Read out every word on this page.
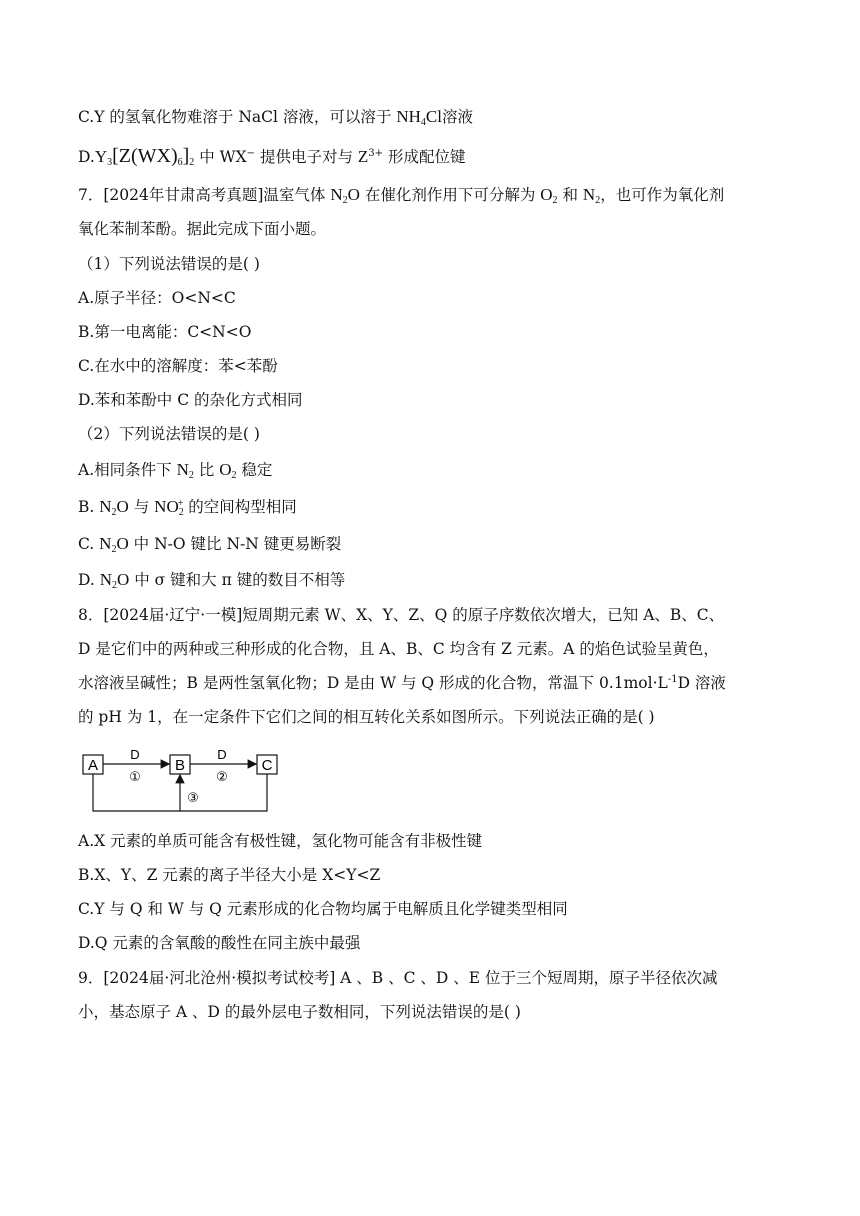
C.Y 的氢氧化物难溶于 NaCl 溶液，可以溶于 $NH_4Cl$溶液
$D.Y_3[Z(WX)_6]_2$ 中 WX− 提供电子对与 $Z^{3+}$ 形成配位键
7．[2024年甘肃高考真题]温室气体 $N_2O$ 在催化剂作用下可分解为 $O_2$ 和 $N_2$，也可作为氧化剂
氧化苯制苯酚。据此完成下面小题。
（1）下列说法错误的是( )
A.原子半径：O<N<C
B.第一电离能：C<N<O
C.在水中的溶解度：苯<苯酚
D.苯和苯酚中 C 的杂化方式相同
（2）下列说法错误的是( )
A.相同条件下 $N_2$ 比 $O_2$ 稳定
B. $N_2O$ 与 $NO_2^+$ 的空间构型相同
C. $N_2O$ 中 N-O 键比 N-N 键更易断裂
D. $N_2O$ 中 σ 键和大 π 键的数目不相等
8．[2024届·辽宁·一模]短周期元素 W、X、Y、Z、Q 的原子序数依次增大，已知 A、B、C、
D 是它们中的两种或三种形成的化合物，且 A、B、C 均含有 Z 元素。A 的焰色试验呈黄色，
水溶液呈碱性；B 是两性氢氧化物；D 是由 W 与 Q 形成的化合物，常温下 $0.1mol\cdot L^{-1}D$ 溶液
的 pH 为 1，在一定条件下它们之间的相互转化关系如图所示。下列说法正确的是( )
A	B	C
D	D
①	②
③
A.X 元素的单质可能含有极性键，氢化物可能含有非极性键
B.X、Y、Z 元素的离子半径大小是 X<Y<Z
C.Y 与 Q 和 W 与 Q 元素形成的化合物均属于电解质且化学键类型相同
D.Q 元素的含氧酸的酸性在同主族中最强
9．[2024届·河北沧州·模拟考试校考] A 、B 、C 、D 、E 位于三个短周期，原子半径依次减
小，基态原子 A 、D 的最外层电子数相同，下列说法错误的是( )
